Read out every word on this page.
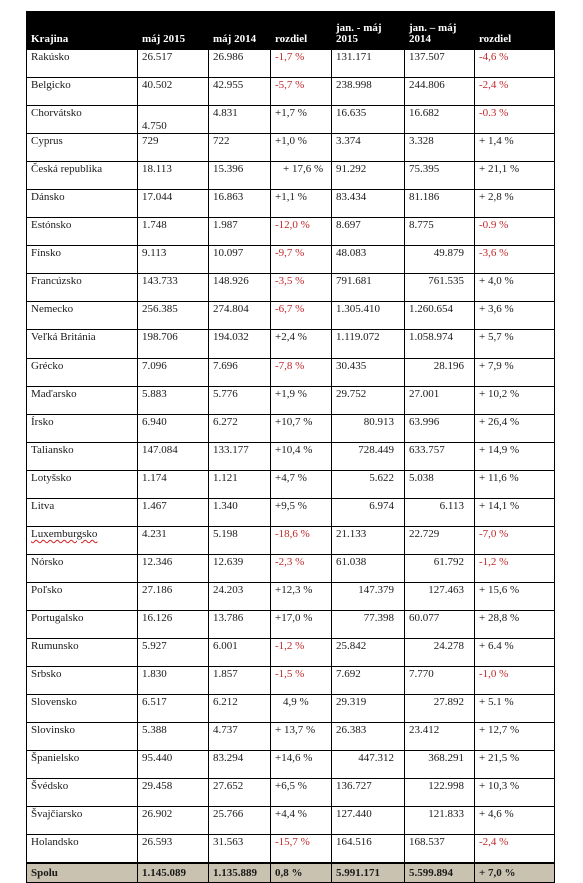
Krajina	máj 2015	máj 2014	rozdiel	jan. - máj 2015	jan. – máj 2014	rozdiel
Rakúsko	26.517	26.986	-1,7 %	131.171	137.507	-4,6 %
Belgicko	40.502	42.955	-5,7 %	238.998	244.806	-2,4 %
Chorvátsko	4.750	4.831	+1,7 %	16.635	16.682	-0.3 %
Cyprus	729	722	+1,0 %	3.374	3.328	+ 1,4 %
Česká republika	18.113	15.396	+ 17,6 %	91.292	75.395	+ 21,1 %
Dánsko	17.044	16.863	+1,1 %	83.434	81.186	+ 2,8 %
Estónsko	1.748	1.987	-12,0 %	8.697	8.775	-0.9 %
Fínsko	9.113	10.097	-9,7 %	48.083	49.879	-3,6 %
Francúzsko	143.733	148.926	-3,5 %	791.681	761.535	+ 4,0 %
Nemecko	256.385	274.804	-6,7 %	1.305.410	1.260.654	+ 3,6 %
Veľká Británia	198.706	194.032	+2,4 %	1.119.072	1.058.974	+ 5,7 %
Grécko	7.096	7.696	-7,8 %	30.435	28.196	+ 7,9 %
Maďarsko	5.883	5.776	+1,9 %	29.752	27.001	+ 10,2 %
Írsko	6.940	6.272	+10,7 %	80.913	63.996	+ 26,4 %
Taliansko	147.084	133.177	+10,4 %	728.449	633.757	+ 14,9 %
Lotyšsko	1.174	1.121	+4,7 %	5.622	5.038	+ 11,6 %
Litva	1.467	1.340	+9,5 %	6.974	6.113	+ 14,1 %
Luxemburgsko	4.231	5.198	-18,6 %	21.133	22.729	-7,0 %
Nórsko	12.346	12.639	-2,3 %	61.038	61.792	-1,2 %
Poľsko	27.186	24.203	+12,3 %	147.379	127.463	+ 15,6 %
Portugalsko	16.126	13.786	+17,0 %	77.398	60.077	+ 28,8 %
Rumunsko	5.927	6.001	-1,2 %	25.842	24.278	+ 6.4 %
Srbsko	1.830	1.857	-1,5 %	7.692	7.770	-1,0 %
Slovensko	6.517	6.212	4,9 %	29.319	27.892	+ 5.1 %
Slovinsko	5.388	4.737	+ 13,7 %	26.383	23.412	+ 12,7 %
Španielsko	95.440	83.294	+14,6 %	447.312	368.291	+ 21,5 %
Švédsko	29.458	27.652	+6,5 %	136.727	122.998	+ 10,3 %
Švajčiarsko	26.902	25.766	+4,4 %	127.440	121.833	+ 4,6 %
Holandsko	26.593	31.563	-15,7 %	164.516	168.537	-2,4 %
Spolu	1.145.089	1.135.889	0,8 %	5.991.171	5.599.894	+ 7,0 %
